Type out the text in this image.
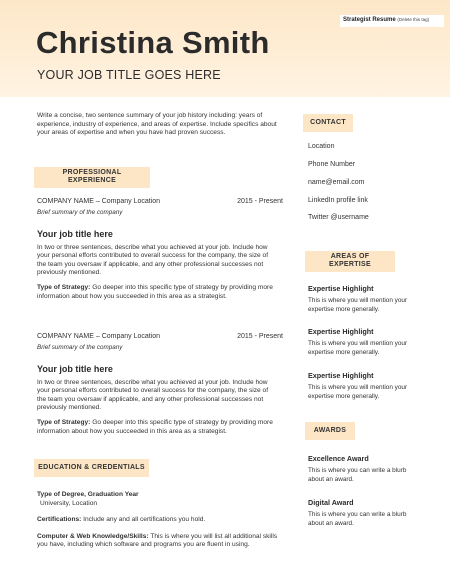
Strategist Resume (Delete this tag)
Christina Smith
YOUR JOB TITLE GOES HERE
Write a concise, two sentence summary of your job history including: years of experience, industry of experience, and areas of expertise. Include specifics about your areas of expertise and when you have had proven success.
PROFESSIONAL
EXPERIENCE
COMPANY NAME – Company Location	2015 - Present
Brief summary of the company
Your job title here
In two or three sentences, describe what you achieved at your job. Include how your personal efforts contributed to overall success for the company, the size of the team you oversaw if applicable, and any other professional successes not previously mentioned.
Type of Strategy: Go deeper into this specific type of strategy by providing more information about how you succeeded in this area as a strategist.
COMPANY NAME – Company Location	2015 - Present
Brief summary of the company
Your job title here
In two or three sentences, describe what you achieved at your job. Include how your personal efforts contributed to overall success for the company, the size of the team you oversaw if applicable, and any other professional successes not previously mentioned.
Type of Strategy: Go deeper into this specific type of strategy by providing more information about how you succeeded in this area as a strategist.
EDUCATION & CREDENTIALS
Type of Degree, Graduation Year
University, Location
Certifications: Include any and all certifications you hold.
Computer & Web Knowledge/Skills: This is where you will list all additional skills you have, including which software and programs you are fluent in using.
CONTACT
Location
Phone Number
name@email.com
LinkedIn profile link
Twitter @username
AREAS OF
EXPERTISE
Expertise Highlight
This is where you will mention your expertise more generally.
Expertise Highlight
This is where you will mention your expertise more generally.
Expertise Highlight
This is where you will mention your expertise more generally.
AWARDS
Excellence Award
This is where you can write a blurb about an award.
Digital Award
This is where you can write a blurb about an award.
